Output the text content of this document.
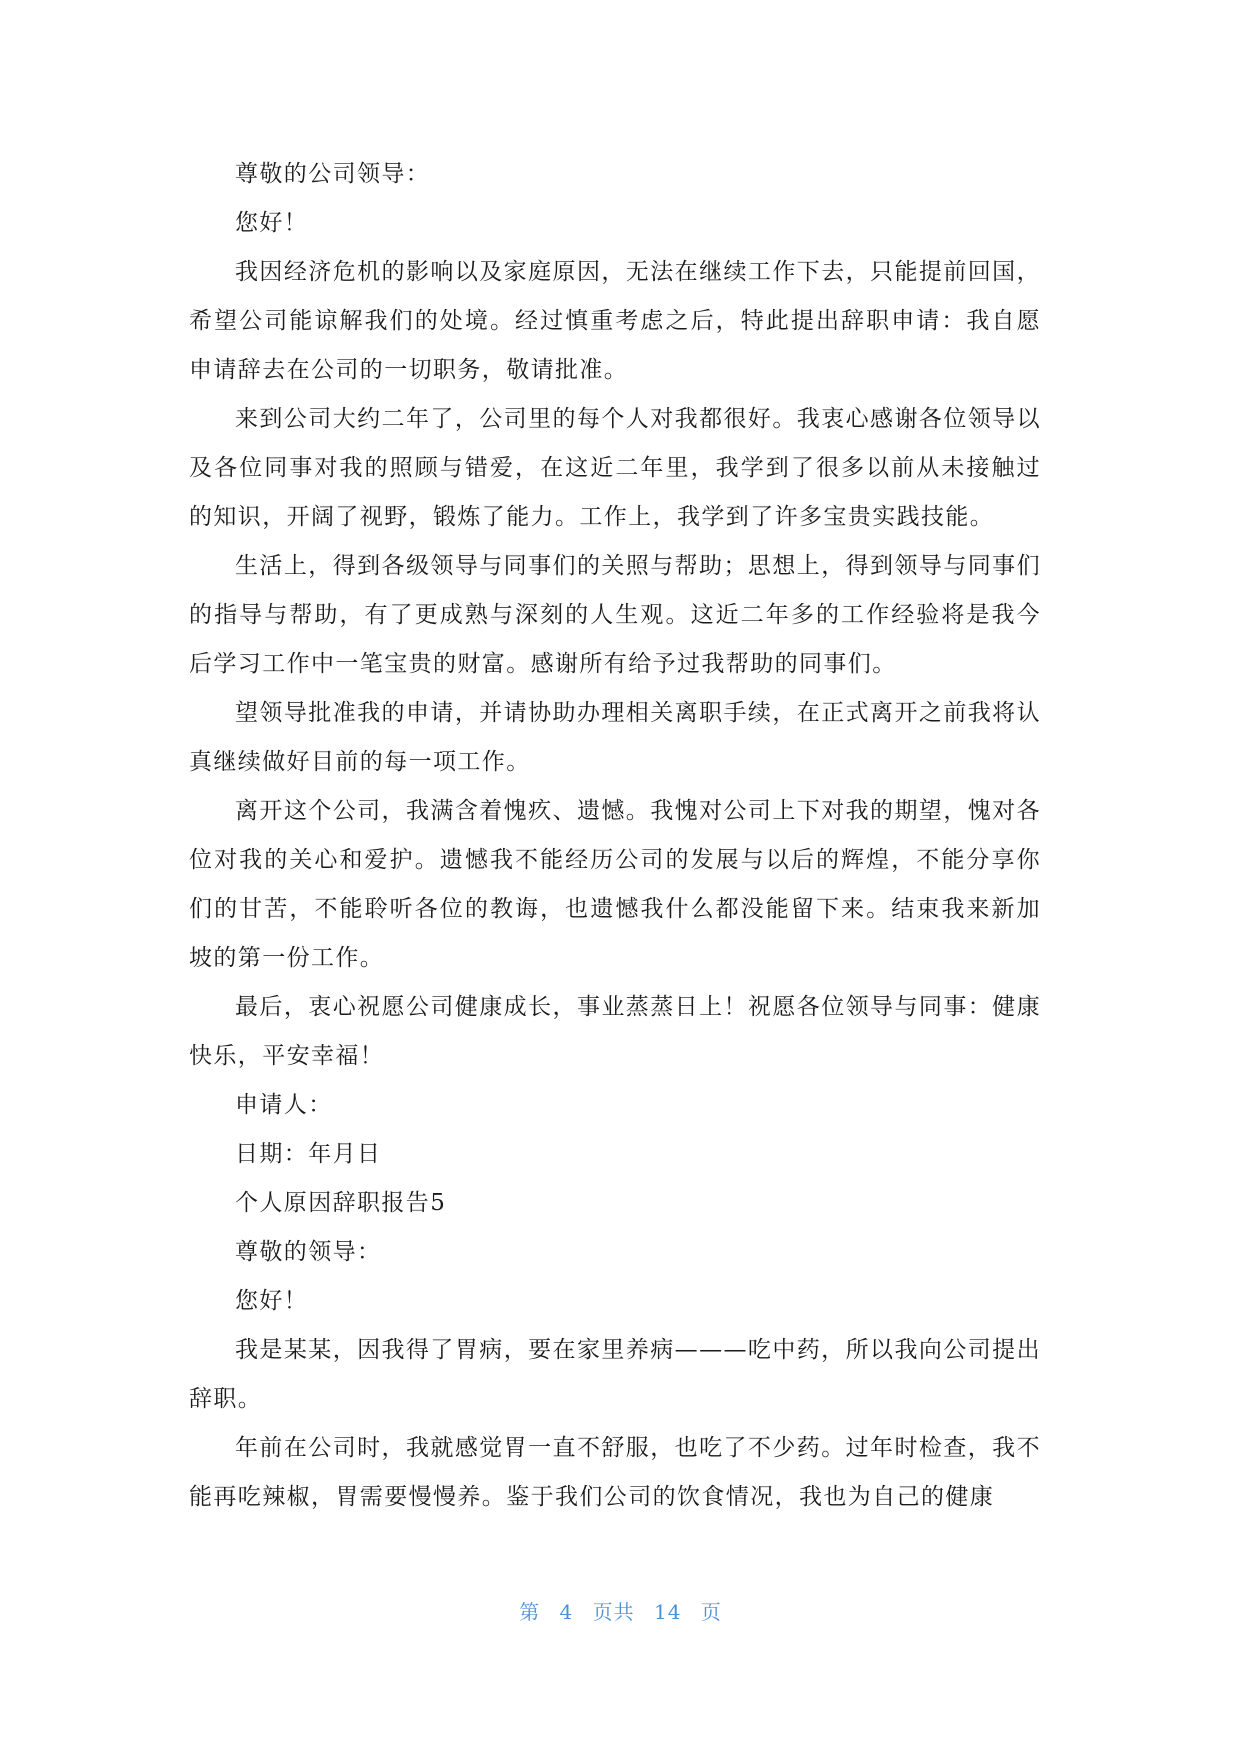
尊敬的公司领导：

您好！

我因经济危机的影响以及家庭原因，无法在继续工作下去，只能提前回国，希望公司能谅解我们的处境。经过慎重考虑之后，特此提出辞职申请：我自愿申请辞去在公司的一切职务，敬请批准。

来到公司大约二年了，公司里的每个人对我都很好。我衷心感谢各位领导以及各位同事对我的照顾与错爱，在这近二年里，我学到了很多以前从未接触过的知识，开阔了视野，锻炼了能力。工作上，我学到了许多宝贵实践技能。

生活上，得到各级领导与同事们的关照与帮助；思想上，得到领导与同事们的指导与帮助，有了更成熟与深刻的人生观。这近二年多的工作经验将是我今后学习工作中一笔宝贵的财富。感谢所有给予过我帮助的同事们。

望领导批准我的申请，并请协助办理相关离职手续，在正式离开之前我将认真继续做好目前的每一项工作。

离开这个公司，我满含着愧疚、遗憾。我愧对公司上下对我的期望，愧对各位对我的关心和爱护。遗憾我不能经历公司的发展与以后的辉煌，不能分享你们的甘苦，不能聆听各位的教诲，也遗憾我什么都没能留下来。结束我来新加坡的第一份工作。

最后，衷心祝愿公司健康成长，事业蒸蒸日上！祝愿各位领导与同事：健康快乐，平安幸福！

申请人：

日期：年月日

个人原因辞职报告5

尊敬的领导：

您好！

我是某某，因我得了胃病，要在家里养病———吃中药，所以我向公司提出辞职。

年前在公司时，我就感觉胃一直不舒服，也吃了不少药。过年时检查，我不能再吃辣椒，胃需要慢慢养。鉴于我们公司的饮食情况，我也为自己的健康

第 4 页共 14 页
